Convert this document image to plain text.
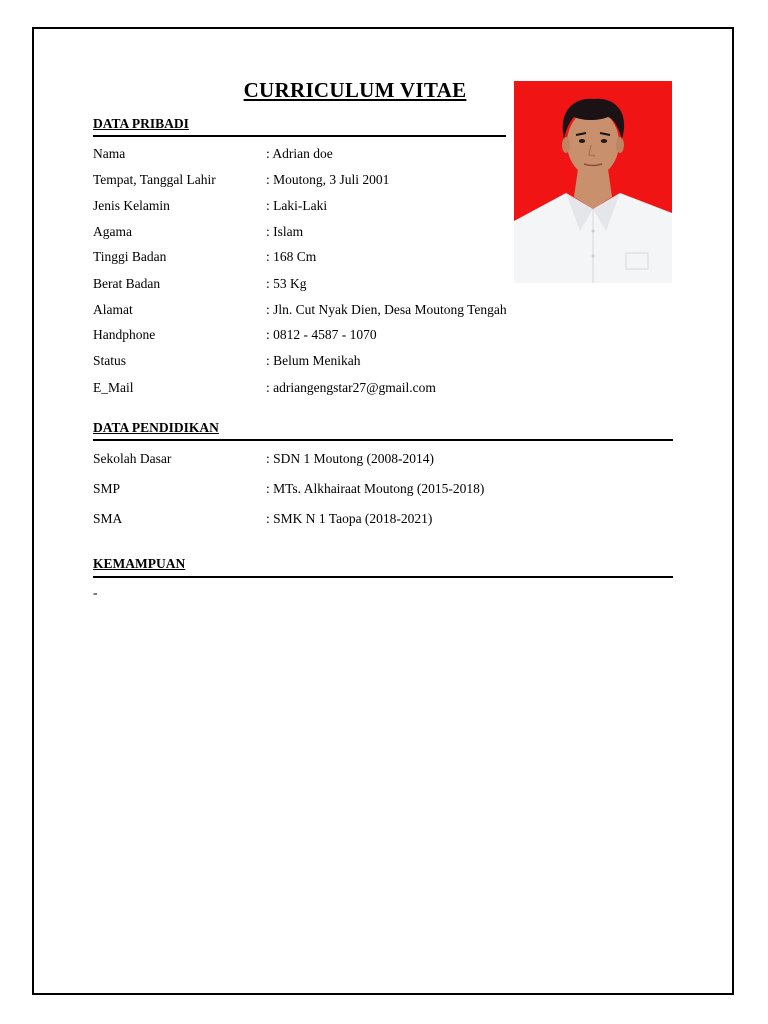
CURRICULUM VITAE
DATA PRIBADI
Nama	: Adrian doe
Tempat, Tanggal Lahir	: Moutong, 3 Juli 2001
Jenis Kelamin	: Laki-Laki
Agama	: Islam
Tinggi Badan	: 168 Cm
Berat Badan	: 53 Kg
Alamat	: Jln. Cut Nyak Dien, Desa Moutong Tengah
Handphone	: 0812 - 4587 - 1070
Status	: Belum Menikah
E_Mail	: adriangengstar27@gmail.com
DATA PENDIDIKAN
Sekolah Dasar	: SDN 1 Moutong (2008-2014)
SMP	: MTs. Alkhairaat Moutong (2015-2018)
SMA	: SMK N 1 Taopa (2018-2021)
KEMAMPUAN
-
